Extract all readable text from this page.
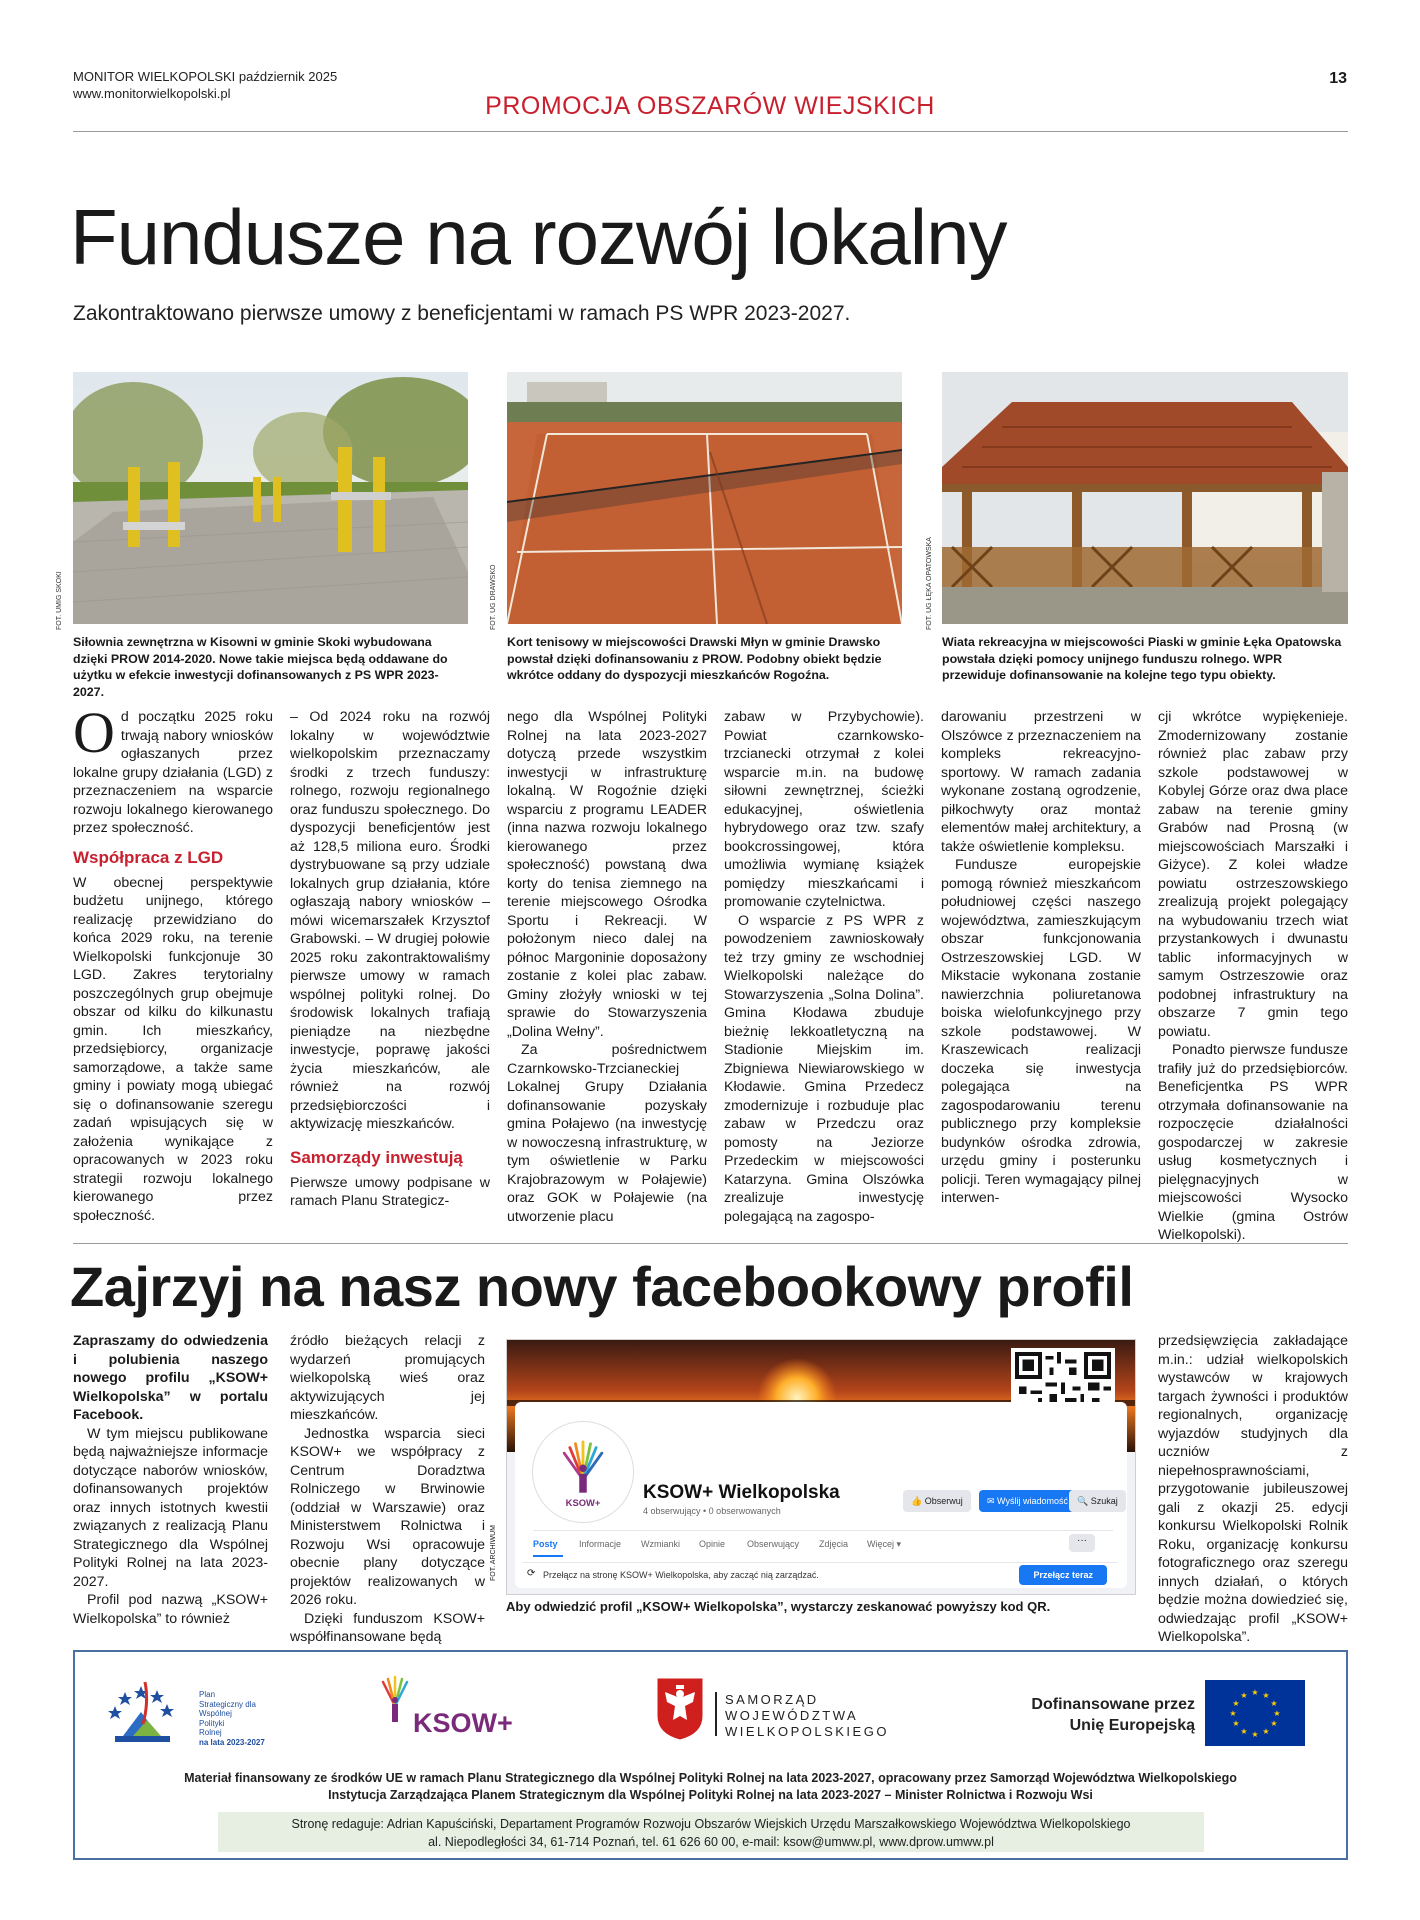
MONITOR WIELKOPOLSKI październik 2025
www.monitorwielkopolski.pl
13
PROMOCJA OBSZARÓW WIEJSKICH
Fundusze na rozwój lokalny
Zakontraktowano pierwsze umowy z beneficjentami w ramach PS WPR 2023-2027.
FOT. UMIG SKOKI
Siłownia zewnętrzna w Kisowni w gminie Skoki wybudowana dzięki PROW 2014-2020. Nowe takie miejsca będą oddawane do użytku w efekcie inwestycji dofinansowanych z PS WPR 2023-2027.
FOT. UG DRAWSKO
Kort tenisowy w miejscowości Drawski Młyn w gminie Drawsko powstał dzięki dofinansowaniu z PROW. Podobny obiekt będzie wkrótce oddany do dyspozycji mieszkańców Rogoźna.
FOT. UG ŁĘKA OPATOWSKA
Wiata rekreacyjna w miejscowości Piaski w gminie Łęka Opatowska powstała dzięki pomocy unijnego funduszu rolnego. WPR przewiduje dofinansowanie na kolejne tego typu obiekty.

Od początku 2025 roku trwają nabory wniosków ogłaszanych przez lokalne grupy działania (LGD) z przeznaczeniem na wsparcie rozwoju lokalnego kierowanego przez społeczność.

Współpraca z LGD

W obecnej perspektywie budżetu unijnego, którego realizację przewidziano do końca 2029 roku, na terenie Wielkopolski funkcjonuje 30 LGD. Zakres terytorialny poszczególnych grup obejmuje obszar od kilku do kilkunastu gmin. Ich mieszkańcy, przedsiębiorcy, organizacje samorządowe, a także same gminy i powiaty mogą ubiegać się o dofinansowanie szeregu zadań wpisujących się w założenia wynikające z opracowanych w 2023 roku strategii rozwoju lokalnego kierowanego przez społeczność.

– Od 2024 roku na rozwój lokalny w województwie wielkopolskim przeznaczamy środki z trzech funduszy: rolnego, rozwoju regionalnego oraz funduszu społecznego. Do dyspozycji beneficjentów jest aż 128,5 miliona euro. Środki dystrybuowane są przy udziale lokalnych grup działania, które ogłaszają nabory wniosków – mówi wicemarszałek Krzysztof Grabowski. – W drugiej połowie 2025 roku zakontraktowaliśmy pierwsze umowy w ramach wspólnej polityki rolnej. Do środowisk lokalnych trafiają pieniądze na niezbędne inwestycje, poprawę jakości życia mieszkańców, ale również na rozwój przedsiębiorczości i aktywizację mieszkańców.

Samorządy inwestują

Pierwsze umowy podpisane w ramach Planu Strategicz-

nego dla Wspólnej Polityki Rolnej na lata 2023-2027 dotyczą przede wszystkim inwestycji w infrastrukturę lokalną. W Rogoźnie dzięki wsparciu z programu LEADER (inna nazwa rozwoju lokalnego kierowanego przez społeczność) powstaną dwa korty do tenisa ziemnego na terenie miejscowego Ośrodka Sportu i Rekreacji. W położonym nieco dalej na północ Margoninie doposażony zostanie z kolei plac zabaw. Gminy złożyły wnioski w tej sprawie do Stowarzyszenia „Dolina Wełny”.

Za pośrednictwem Czarnkowsko-Trzcianeckiej Lokalnej Grupy Działania dofinansowanie pozyskały gmina Połajewo (na inwestycję w nowoczesną infrastrukturę, w tym oświetlenie w Parku Krajobrazowym w Połajewie) oraz GOK w Połajewie (na utworzenie placu

zabaw w Przybychowie). Powiat czarnkowsko-trzcianecki otrzymał z kolei wsparcie m.in. na budowę siłowni zewnętrznej, ścieżki edukacyjnej, oświetlenia hybrydowego oraz tzw. szafy bookcrossingowej, która umożliwia wymianę książek pomiędzy mieszkańcami i promowanie czytelnictwa.

O wsparcie z PS WPR z powodzeniem zawnioskowały też trzy gminy ze wschodniej Wielkopolski należące do Stowarzyszenia „Solna Dolina”. Gmina Kłodawa zbuduje bieżnię lekkoatletyczną na Stadionie Miejskim im. Zbigniewa Niewiarowskiego w Kłodawie. Gmina Przedecz zmodernizuje i rozbuduje plac zabaw w Przedczu oraz pomosty na Jeziorze Przedeckim w miejscowości Katarzyna. Gmina Olszówka zrealizuje inwestycję polegającą na zagospo-

darowaniu przestrzeni w Olszówce z przeznaczeniem na kompleks rekreacyjno-sportowy. W ramach zadania wykonane zostaną ogrodzenie, piłkochwyty oraz montaż elementów małej architektury, a także oświetlenie kompleksu.

Fundusze europejskie pomogą również mieszkańcom południowej części naszego województwa, zamieszkującym obszar funkcjonowania Ostrzeszowskiej LGD. W Mikstacie wykonana zostanie nawierzchnia poliuretanowa boiska wielofunkcyjnego przy szkole podstawowej. W Kraszewicach realizacji doczeka się inwestycja polegająca na zagospodarowaniu terenu publicznego przy kompleksie budynków ośrodka zdrowia, urzędu gminy i posterunku policji. Teren wymagający pilnej interwen-

cji wkrótce wypiękenieje. Zmodernizowany zostanie również plac zabaw przy szkole podstawowej w Kobylej Górze oraz dwa place zabaw na terenie gminy Grabów nad Prosną (w miejscowościach Marszałki i Giżyce). Z kolei władze powiatu ostrzeszowskiego zrealizują projekt polegający na wybudowaniu trzech wiat przystankowych i dwunastu tablic informacyjnych w samym Ostrzeszowie oraz podobnej infrastruktury na obszarze 7 gmin tego powiatu.

Ponadto pierwsze fundusze trafiły już do przedsiębiorców. Beneficjentka PS WPR otrzymała dofinansowanie na rozpoczęcie działalności gospodarczej w zakresie usług kosmetycznych i pielęgnacyjnych w miejscowości Wysocko Wielkie (gmina Ostrów Wielkopolski).

Zajrzyj na nasz nowy facebookowy profil

Zapraszamy do odwiedzenia i polubienia naszego nowego profilu „KSOW+ Wielkopolska” w portalu Facebook.

W tym miejscu publikowane będą najważniejsze informacje dotyczące naborów wniosków, dofinansowanych projektów oraz innych istotnych kwestii związanych z realizacją Planu Strategicznego dla Wspólnej Polityki Rolnej na lata 2023-2027.

Profil pod nazwą „KSOW+ Wielkopolska” to również

źródło bieżących relacji z wydarzeń promujących wielkopolską wieś oraz aktywizujących jej mieszkańców.

Jednostka wsparcia sieci KSOW+ we współpracy z Centrum Doradztwa Rolniczego w Brwinowie (oddział w Warszawie) oraz Ministerstwem Rolnictwa i Rozwoju Wsi opracowuje obecnie plany dotyczące projektów realizowanych w 2026 roku.

Dzięki funduszom KSOW+ współfinansowane będą

KSOW+ KSOW+ Wielkopolska
4 obserwujący • 0 obserwowanych
👍 Obserwuj	✉ Wyślij wiadomość	🔍 Szukaj
Posty Informacje Wzmianki Opinie Obserwujący Zdjęcia Więcej ▾	···
⟳ Przełącz na stronę KSOW+ Wielkopolska, aby zacząć nią zarządzać.	Przełącz teraz
FOT. ARCHIWUM
Aby odwiedzić profil „KSOW+ Wielkopolska”, wystarczy zeskanować powyższy kod QR.

przedsięwzięcia zakładające m.in.: udział wielkopolskich wystawców w krajowych targach żywności i produktów regionalnych, organizację wyjazdów studyjnych dla uczniów z niepełnosprawnościami, przygotowanie jubileuszowej gali z okazji 25. edycji konkursu Wielkopolski Rolnik Roku, organizację konkursu fotograficznego oraz szeregu innych działań, o których będzie można dowiedzieć się, odwiedzając profil „KSOW+ Wielkopolska”.

Plan
Strategiczny dla
Wspólnej
Polityki
Rolnej
na lata 2023-2027
KSOW+
SAMORZĄD
WOJEWÓDZTWA
WIELKOPOLSKIEGO
Dofinansowane przez
Unię Europejską
★ ★
★
★
★
★
★
★
★
★
★
★
Materiał finansowany ze środków UE w ramach Planu Strategicznego dla Wspólnej Polityki Rolnej na lata 2023-2027, opracowany przez Samorząd Województwa Wielkopolskiego
Instytucja Zarządzająca Planem Strategicznym dla Wspólnej Polityki Rolnej na lata 2023-2027 – Minister Rolnictwa i Rozwoju Wsi
Stronę redaguje: Adrian Kapuściński, Departament Programów Rozwoju Obszarów Wiejskich Urzędu Marszałkowskiego Województwa Wielkopolskiego
al. Niepodległości 34, 61-714 Poznań, tel. 61 626 60 00, e-mail: ksow@umww.pl, www.dprow.umww.pl
